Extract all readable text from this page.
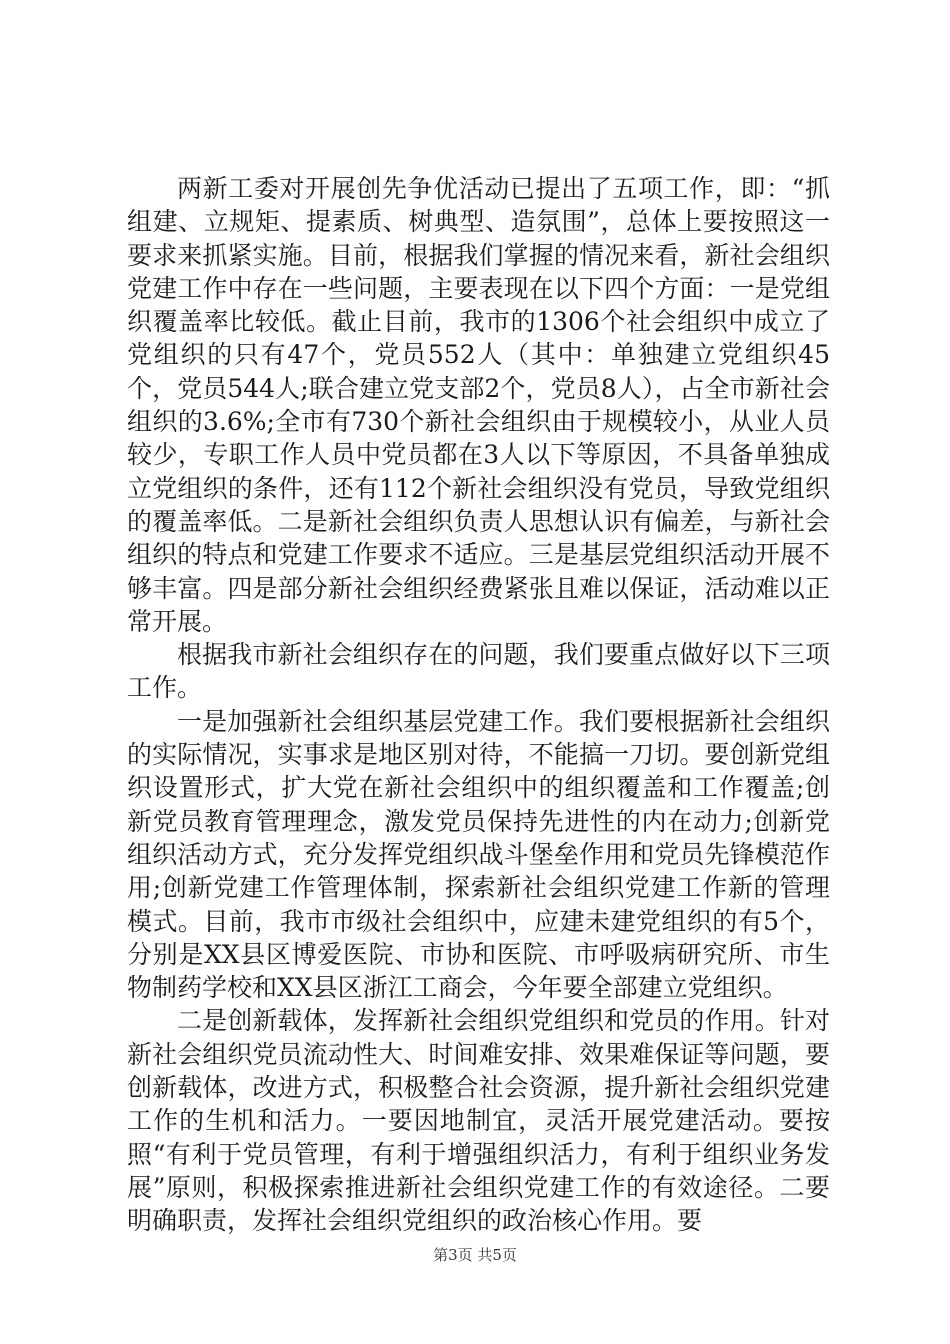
两新工委对开展创先争优活动已提出了五项工作，即：“抓组建、立规矩、提素质、树典型、造氛围”，总体上要按照这一要求来抓紧实施。目前，根据我们掌握的情况来看，新社会组织党建工作中存在一些问题，主要表现在以下四个方面：一是党组织覆盖率比较低。截止目前，我市的1306个社会组织中成立了党组织的只有47个，党员552人（其中：单独建立党组织45个，党员544人;联合建立党支部2个，党员8人），占全市新社会组织的3.6%;全市有730个新社会组织由于规模较小，从业人员较少，专职工作人员中党员都在3人以下等原因，不具备单独成立党组织的条件，还有112个新社会组织没有党员，导致党组织的覆盖率低。二是新社会组织负责人思想认识有偏差，与新社会组织的特点和党建工作要求不适应。三是基层党组织活动开展不够丰富。四是部分新社会组织经费紧张且难以保证，活动难以正常开展。

根据我市新社会组织存在的问题，我们要重点做好以下三项工作。

一是加强新社会组织基层党建工作。我们要根据新社会组织的实际情况，实事求是地区别对待，不能搞一刀切。要创新党组织设置形式，扩大党在新社会组织中的组织覆盖和工作覆盖;创新党员教育管理理念，激发党员保持先进性的内在动力;创新党组织活动方式，充分发挥党组织战斗堡垒作用和党员先锋模范作用;创新党建工作管理体制，探索新社会组织党建工作新的管理模式。目前，我市市级社会组织中，应建未建党组织的有5个，分别是XX县区博爱医院、市协和医院、市呼吸病研究所、市生物制药学校和XX县区浙江工商会，今年要全部建立党组织。

二是创新载体，发挥新社会组织党组织和党员的作用。针对新社会组织党员流动性大、时间难安排、效果难保证等问题，要创新载体，改进方式，积极整合社会资源，提升新社会组织党建工作的生机和活力。一要因地制宜，灵活开展党建活动。要按照“有利于党员管理，有利于增强组织活力，有利于组织业务发展”原则，积极探索推进新社会组织党建工作的有效途径。二要明确职责，发挥社会组织党组织的政治核心作用。要

第3页 共5页
